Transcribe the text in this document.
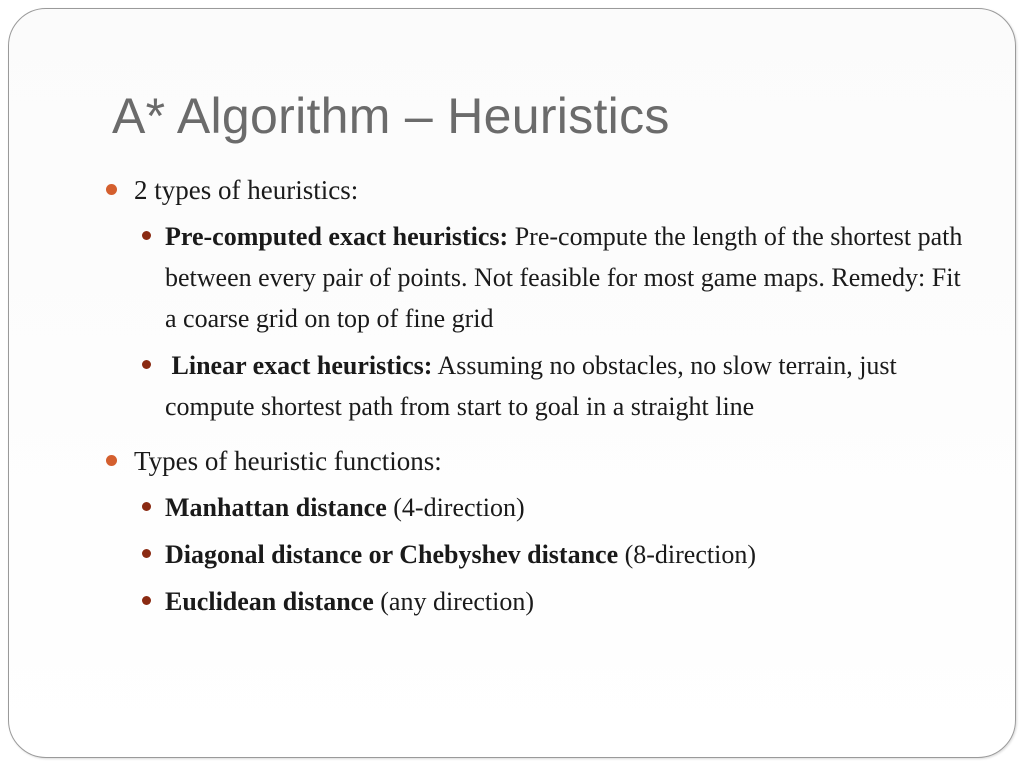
A* Algorithm – Heuristics

2 types of heuristics:

Pre-computed exact heuristics: Pre-compute the length of the shortest path between every pair of points. Not feasible for most game maps. Remedy: Fit a coarse grid on top of fine grid

Linear exact heuristics: Assuming no obstacles, no slow terrain, just compute shortest path from start to goal in a straight line

Types of heuristic functions:

Manhattan distance (4-direction)

Diagonal distance or Chebyshev distance (8-direction)

Euclidean distance (any direction)
